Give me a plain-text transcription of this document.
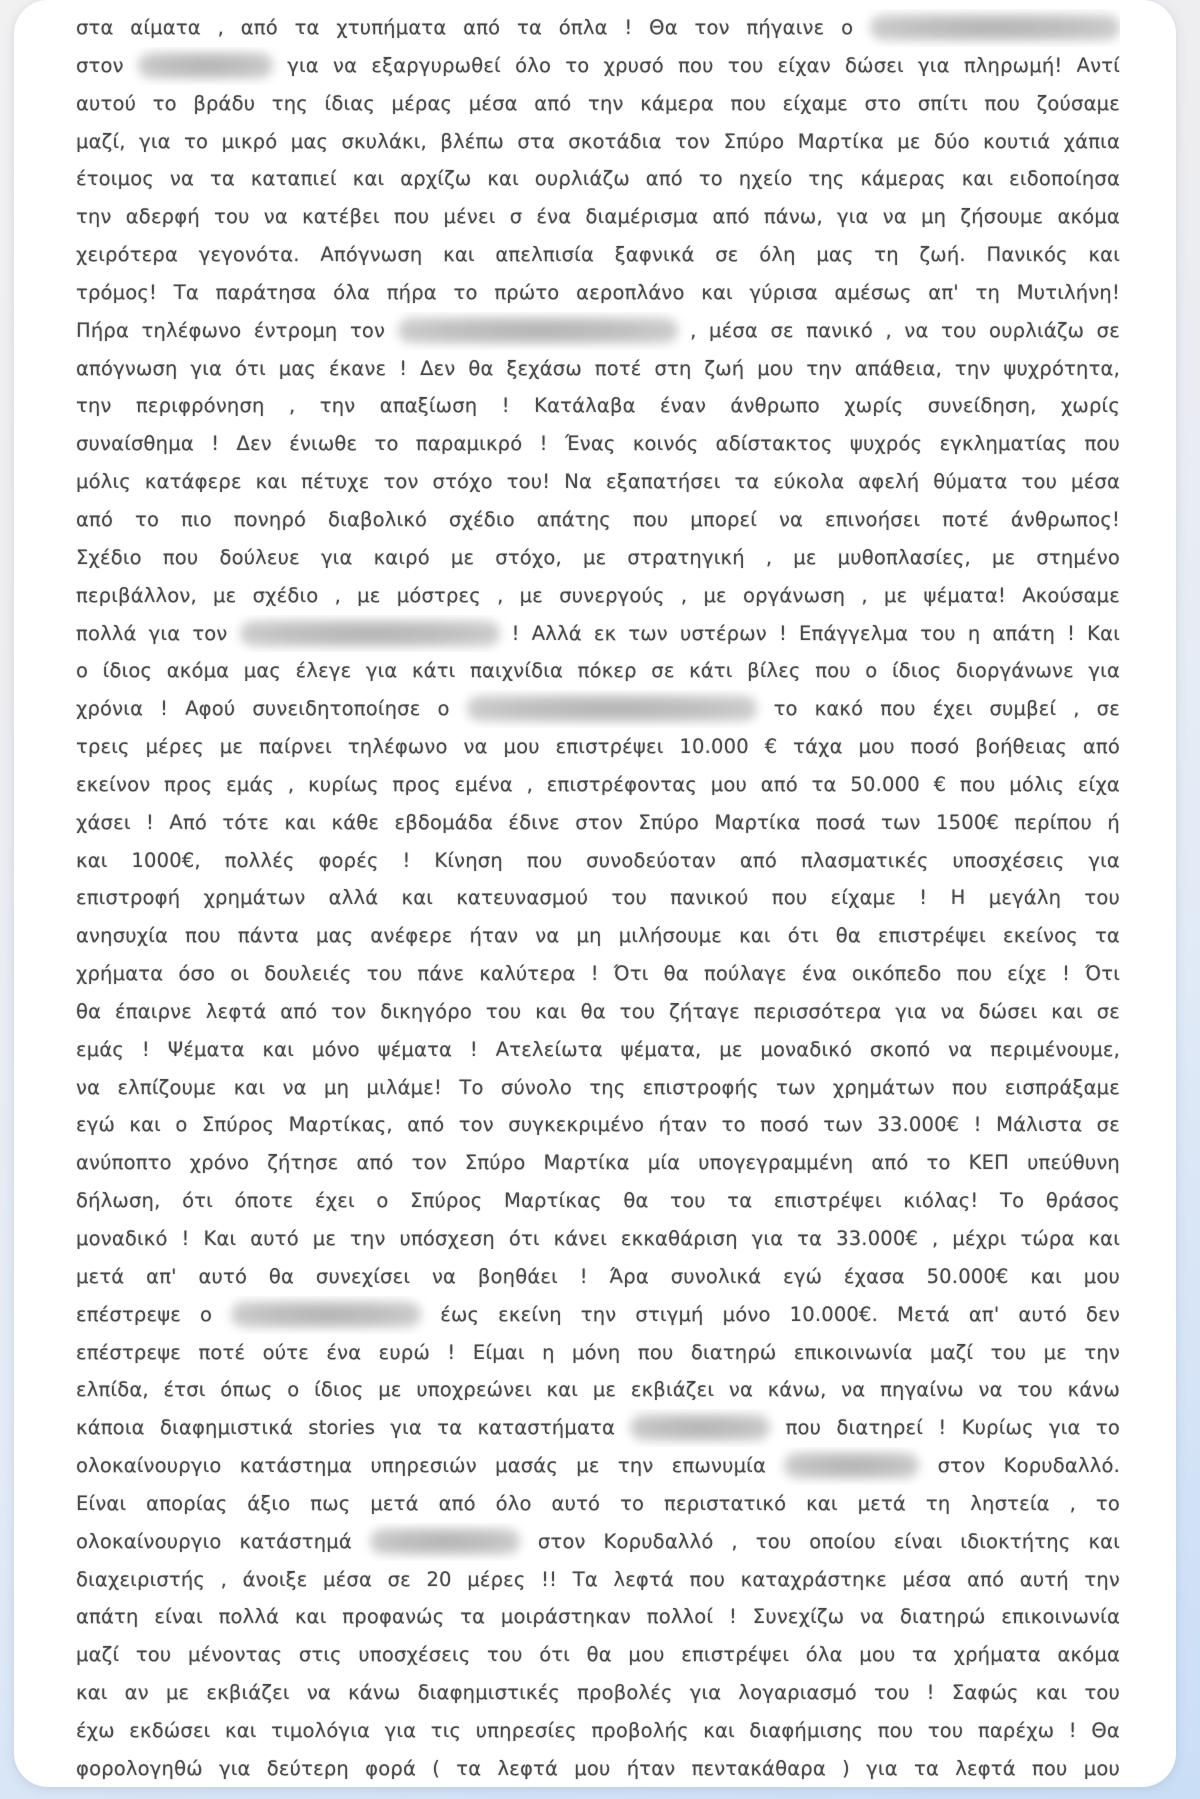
στα αίματα , από τα χτυπήματα από τα όπλα ! Θα τον πήγαινε ο
στον	για να εξαργυρωθεί όλο το χρυσό που του είχαν δώσει για πληρωμή! Αντί
αυτού το βράδυ της ίδιας μέρας μέσα από την κάμερα που είχαμε στο σπίτι που ζούσαμε
μαζί, για το μικρό μας σκυλάκι, βλέπω στα σκοτάδια τον Σπύρο Μαρτίκα με δύο κουτιά χάπια
έτοιμος να τα καταπιεί και αρχίζω και ουρλιάζω από το ηχείο της κάμερας και ειδοποίησα
την αδερφή του να κατέβει που μένει σ ένα διαμέρισμα από πάνω, για να μη ζήσουμε ακόμα
χειρότερα γεγονότα. Απόγνωση και απελπισία ξαφνικά σε όλη μας τη ζωή. Πανικός και
τρόμος! Τα παράτησα όλα πήρα το πρώτο αεροπλάνο και γύρισα αμέσως απ' τη Μυτιλήνη!
Πήρα τηλέφωνο έντρομη τον	, μέσα σε πανικό , να του ουρλιάζω σε
απόγνωση για ότι μας έκανε ! Δεν θα ξεχάσω ποτέ στη ζωή μου την απάθεια, την ψυχρότητα,
την περιφρόνηση , την απαξίωση ! Κατάλαβα έναν άνθρωπο χωρίς συνείδηση, χωρίς
συναίσθημα ! Δεν ένιωθε το παραμικρό ! Ένας κοινός αδίστακτος ψυχρός εγκληματίας που
μόλις κατάφερε και πέτυχε τον στόχο του! Να εξαπατήσει τα εύκολα αφελή θύματα του μέσα
από το πιο πονηρό διαβολικό σχέδιο απάτης που μπορεί να επινοήσει ποτέ άνθρωπος!
Σχέδιο που δούλευε για καιρό με στόχο, με στρατηγική , με μυθοπλασίες, με στημένο
περιβάλλον, με σχέδιο , με μόστρες , με συνεργούς , με οργάνωση , με ψέματα! Ακούσαμε
πολλά για τον	! Αλλά εκ των υστέρων ! Επάγγελμα του η απάτη ! Και
ο ίδιος ακόμα μας έλεγε για κάτι παιχνίδια πόκερ σε κάτι βίλες που ο ίδιος διοργάνωνε για
χρόνια ! Αφού συνειδητοποίησε ο	το κακό που έχει συμβεί , σε
τρεις μέρες με παίρνει τηλέφωνο να μου επιστρέψει 10.000 € τάχα μου ποσό βοήθειας από
εκείνον προς εμάς , κυρίως προς εμένα , επιστρέφοντας μου από τα 50.000 € που μόλις είχα
χάσει ! Από τότε και κάθε εβδομάδα έδινε στον Σπύρο Μαρτίκα ποσά των 1500€ περίπου ή
και 1000€, πολλές φορές ! Κίνηση που συνοδεύοταν από πλασματικές υποσχέσεις για
επιστροφή χρημάτων αλλά και κατευνασμού του πανικού που είχαμε ! Η μεγάλη του
ανησυχία που πάντα μας ανέφερε ήταν να μη μιλήσουμε και ότι θα επιστρέψει εκείνος τα
χρήματα όσο οι δουλειές του πάνε καλύτερα ! Ότι θα πούλαγε ένα οικόπεδο που είχε ! Ότι
θα έπαιρνε λεφτά από τον δικηγόρο του και θα του ζήταγε περισσότερα για να δώσει και σε
εμάς ! Ψέματα και μόνο ψέματα ! Ατελείωτα ψέματα, με μοναδικό σκοπό να περιμένουμε,
να ελπίζουμε και να μη μιλάμε! Το σύνολο της επιστροφής των χρημάτων που εισπράξαμε
εγώ και ο Σπύρος Μαρτίκας, από τον συγκεκριμένο ήταν το ποσό των 33.000€ ! Μάλιστα σε
ανύποπτο χρόνο ζήτησε από τον Σπύρο Μαρτίκα μία υπογεγραμμένη από το ΚΕΠ υπεύθυνη
δήλωση, ότι όποτε έχει ο Σπύρος Μαρτίκας θα του τα επιστρέψει κιόλας! Το θράσος
μοναδικό ! Και αυτό με την υπόσχεση ότι κάνει εκκαθάριση για τα 33.000€ , μέχρι τώρα και
μετά απ' αυτό θα συνεχίσει να βοηθάει ! Άρα συνολικά εγώ έχασα 50.000€ και μου
επέστρεψε ο	έως εκείνη την στιγμή μόνο 10.000€. Μετά απ' αυτό δεν
επέστρεψε ποτέ ούτε ένα ευρώ ! Είμαι η μόνη που διατηρώ επικοινωνία μαζί του με την
ελπίδα, έτσι όπως ο ίδιος με υποχρεώνει και με εκβιάζει να κάνω, να πηγαίνω να του κάνω
κάποια διαφημιστικά stories για τα καταστήματα	που διατηρεί ! Κυρίως για το
ολοκαίνουργιο κατάστημα υπηρεσιών μασάς με την επωνυμία	στον Κορυδαλλό.
Είναι απορίας άξιο πως μετά από όλο αυτό το περιστατικό και μετά τη ληστεία , το
ολοκαίνουργιο κατάστημά	στον Κορυδαλλό , του οποίου είναι ιδιοκτήτης και
διαχειριστής , άνοιξε μέσα σε 20 μέρες !! Τα λεφτά που καταχράστηκε μέσα από αυτή την
απάτη είναι πολλά και προφανώς τα μοιράστηκαν πολλοί ! Συνεχίζω να διατηρώ επικοινωνία
μαζί του μένοντας στις υποσχέσεις του ότι θα μου επιστρέψει όλα μου τα χρήματα ακόμα
και αν με εκβιάζει να κάνω διαφημιστικές προβολές για λογαριασμό του ! Σαφώς και του
έχω εκδώσει και τιμολόγια για τις υπηρεσίες προβολής και διαφήμισης που του παρέχω ! Θα
φορολογηθώ για δεύτερη φορά ( τα λεφτά μου ήταν πεντακάθαρα ) για τα λεφτά που μου
